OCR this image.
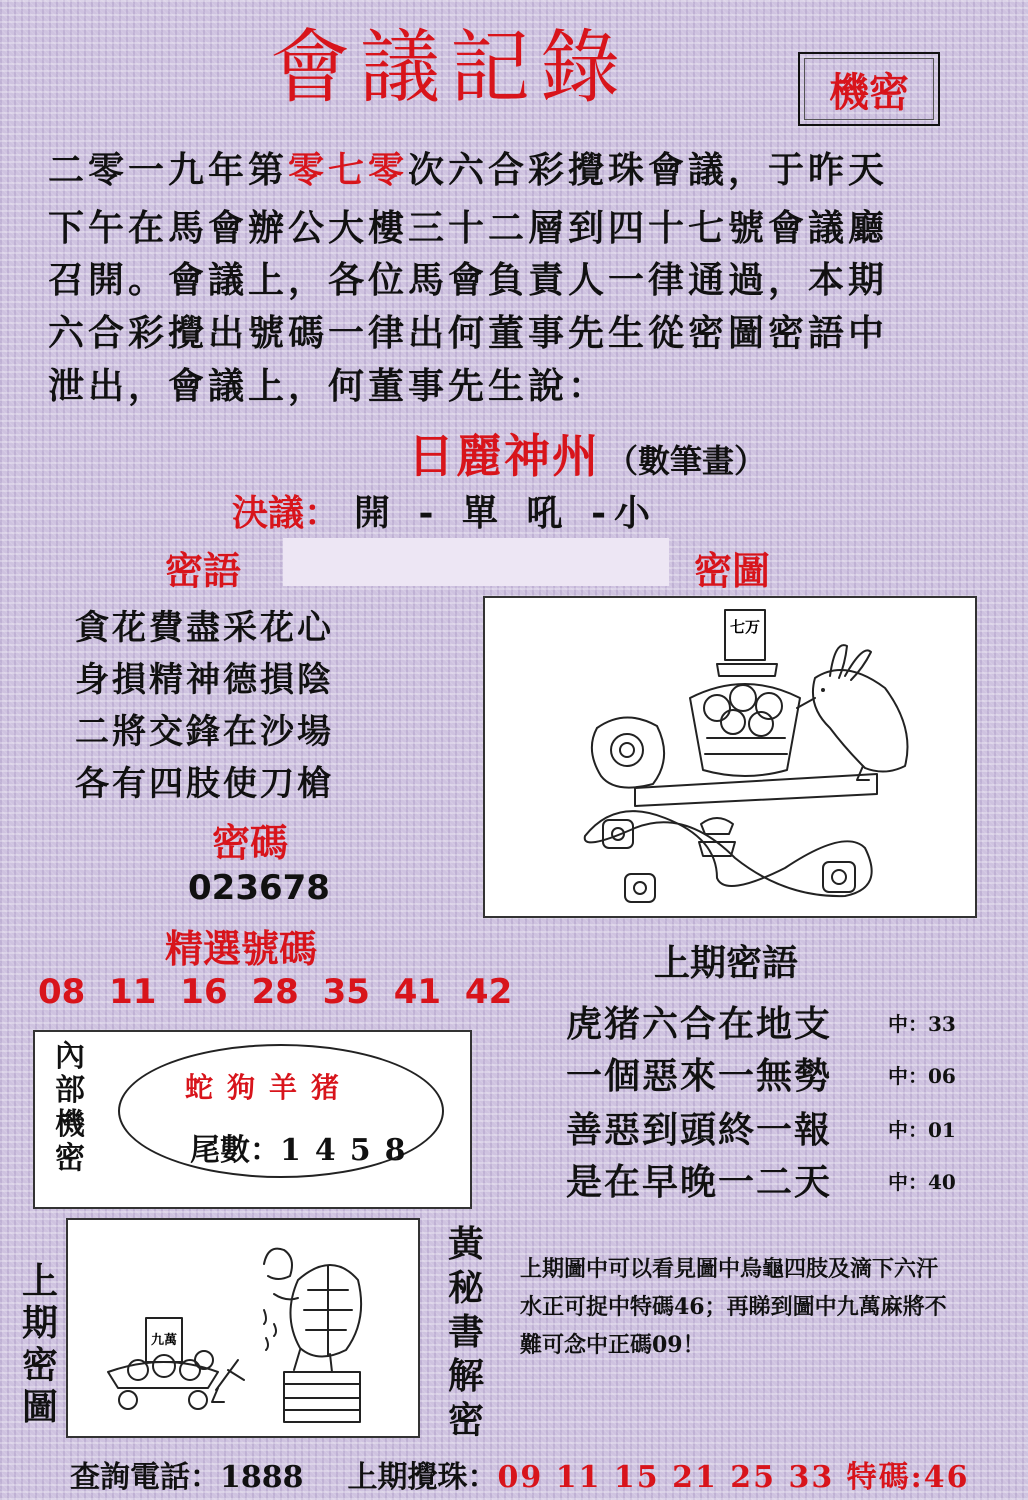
會議記錄	機密
二零一九年第零七零次六合彩攪珠會議，于昨天
下午在馬會辦公大樓三十二層到四十七號會議廳
召開。會議上，各位馬會負責人一律通過，本期
六合彩攪出號碼一律出何董事先生從密圖密語中
泄出，會議上，何董事先生說：
日麗神州 （數筆畫）
決議： 開 - 單 吼 -小
密語	密圖
貪花費盡采花心
身損精神德損陰
二將交鋒在沙場
各有四肢使刀槍
密碼
023678
精選號碼
08 11 16 28 35 41 42
七万
上期密語
虎猪六合在地支	中：33
一個惡來一無勢	中：06
善惡到頭終一報	中：01
是在早晚一二天	中：40
內部機密
蛇狗羊猪
尾數：1458
上期密圖
九萬
黃秘書解密
上期圖中可以看見圖中烏龜四肢及滴下六汗水正可捉中特碼46；再睇到圖中九萬麻將不難可念中正碼09！
查詢電話：1888 上期攪珠：09 11 15 21 25 33 特碼:46
